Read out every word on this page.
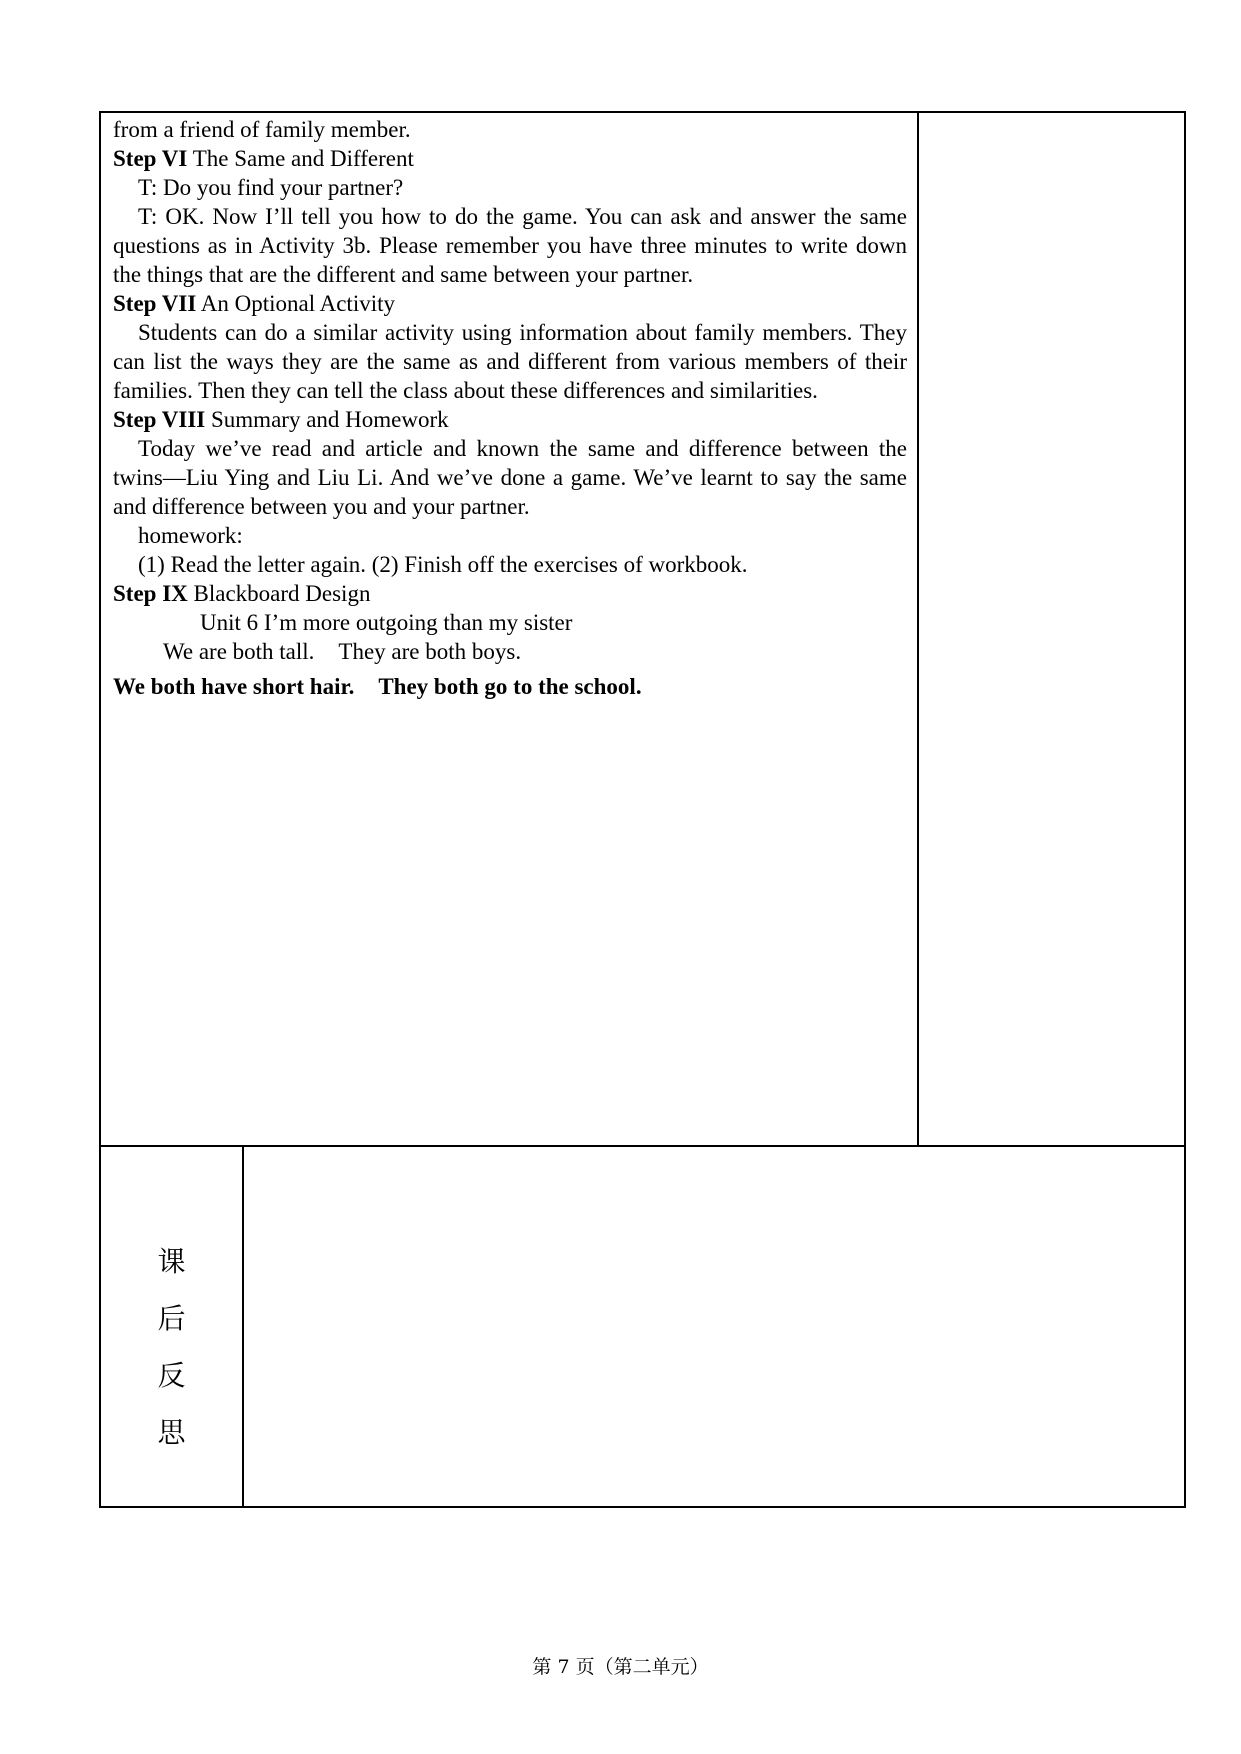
from a friend of family member.

Step VI The Same and Different

T: Do you find your partner?

T: OK. Now I’ll tell you how to do the game. You can ask and answer the same questions as in Activity 3b. Please remember you have three minutes to write down the things that are the different and same between your partner.

Step VII An Optional Activity

Students can do a similar activity using information about family members. They can list the ways they are the same as and different from various members of their families. Then they can tell the class about these differences and similarities.

Step VIII Summary and Homework

Today we’ve read and article and known the same and difference between the twins—Liu Ying and Liu Li. And we’ve done a game. We’ve learnt to say the same and difference between you and your partner.

homework:

(1) Read the letter again. (2) Finish off the exercises of workbook.

Step IX Blackboard Design

Unit 6 I’m more outgoing than my sister

We are both tall. They are both boys.

We both have short hair. They both go to the school.

课
后
反
思
第 7 页（第二单元）
